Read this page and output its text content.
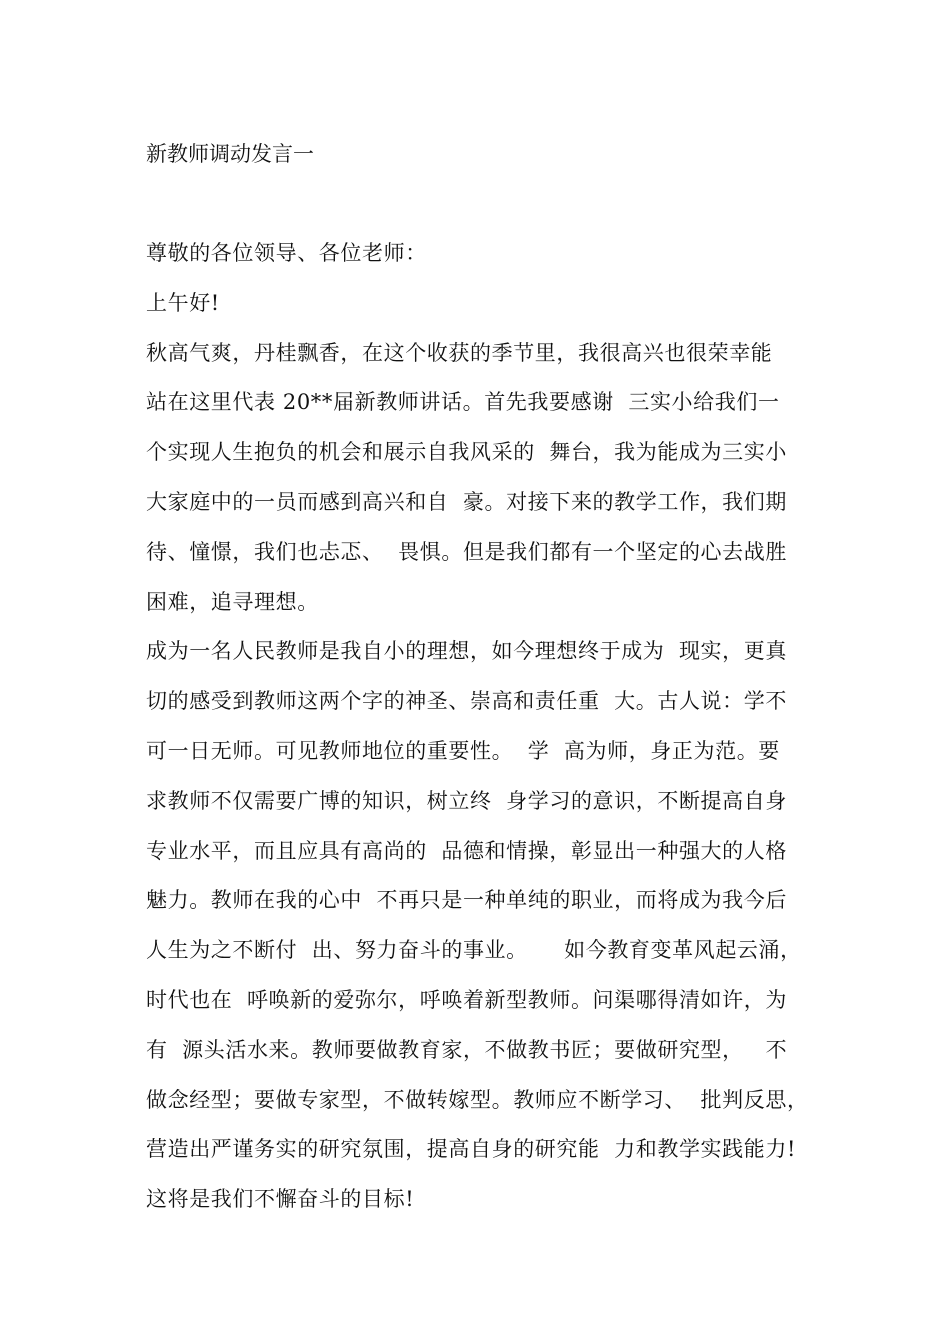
新教师调动发言一
尊敬的各位领导、各位老师：
上午好!
秋高气爽，丹桂飘香，在这个收获的季节里，我很高兴也很荣幸能
站在这里代表 20**届新教师讲话。首先我要感谢  三实小给我们一
个实现人生抱负的机会和展示自我风采的  舞台，我为能成为三实小
大家庭中的一员而感到高兴和自  豪。对接下来的教学工作，我们期
待、憧憬，我们也忐忑、  畏惧。但是我们都有一个坚定的心去战胜
困难，追寻理想。
成为一名人民教师是我自小的理想，如今理想终于成为  现实，更真
切的感受到教师这两个字的神圣、崇高和责任重  大。古人说：学不
可一日无师。可见教师地位的重要性。  学  高为师，身正为范。要
求教师不仅需要广博的知识，树立终  身学习的意识，不断提高自身
专业水平，而且应具有高尚的  品德和情操，彰显出一种强大的人格
魅力。教师在我的心中  不再只是一种单纯的职业，而将成为我今后
人生为之不断付  出、努力奋斗的事业。     如今教育变革风起云涌，
时代也在  呼唤新的爱弥尔，呼唤着新型教师。问渠哪得清如许，为
有  源头活水来。教师要做教育家，不做教书匠；要做研究型，   不
做念经型；要做专家型，不做转嫁型。教师应不断学习、  批判反思，
营造出严谨务实的研究氛围，提高自身的研究能  力和教学实践能力!
这将是我们不懈奋斗的目标!
